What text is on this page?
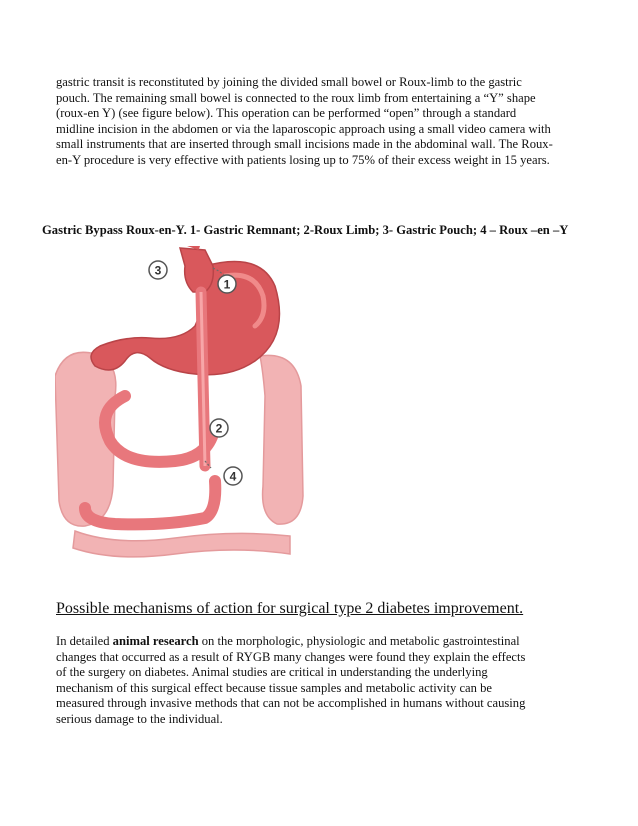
gastric transit is reconstituted by joining the divided small bowel or Roux-limb to the gastric pouch. The remaining small bowel is connected to the roux limb from entertaining a “Y” shape (roux-en Y) (see figure below). This operation can be performed “open” through a standard midline incision in the abdomen or via the laparoscopic approach using a small video camera with small instruments that are inserted through small incisions made in the abdominal wall. The Roux-en-Y procedure is very effective with patients losing up to 75% of their excess weight in 15 years.
Gastric Bypass Roux-en-Y. 1- Gastric Remnant; 2-Roux Limb; 3- Gastric Pouch; 4 – Roux –en –Y
3
1
2
4
Possible mechanisms of action for surgical type 2 diabetes improvement.
In detailed animal research on the morphologic, physiologic and metabolic gastrointestinal changes that occurred as a result of RYGB many changes were found they explain the effects of the surgery on diabetes. Animal studies are critical in understanding the underlying mechanism of this surgical effect because tissue samples and metabolic activity can be measured through invasive methods that can not be accomplished in humans without causing serious damage to the individual.
